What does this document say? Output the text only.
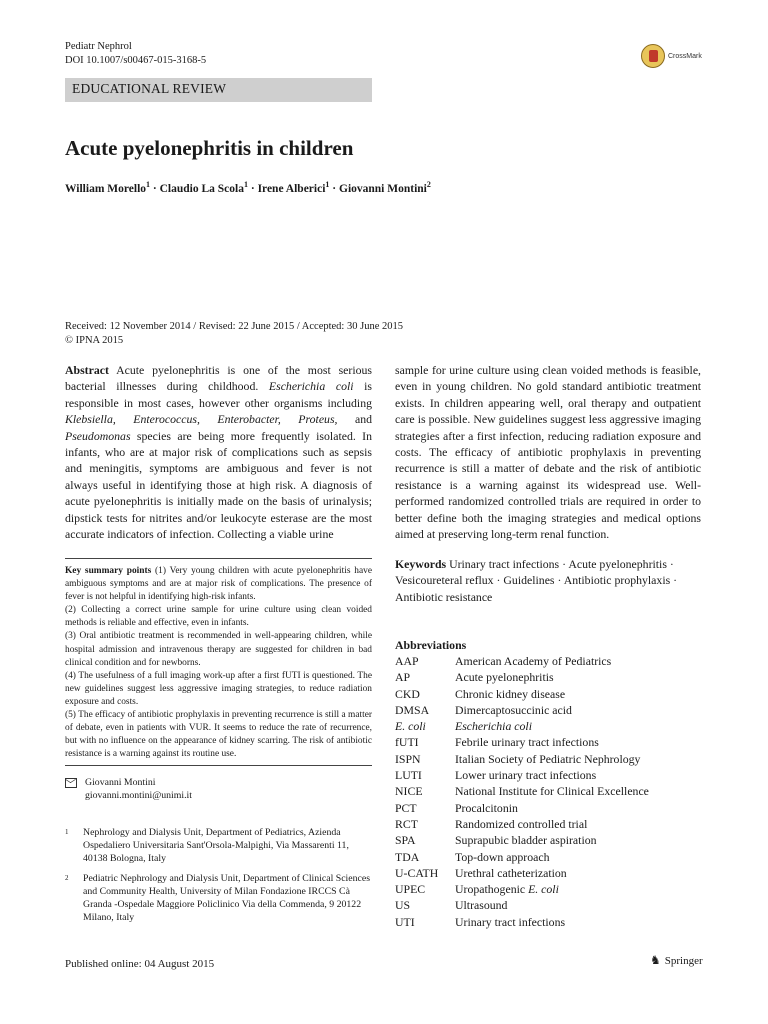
Pediatr Nephrol
DOI 10.1007/s00467-015-3168-5	CrossMark
EDUCATIONAL REVIEW
Acute pyelonephritis in children
William Morello$^1$ · Claudio La Scola$^1$ · Irene Alberici$^1$ · Giovanni Montini$^2$
Received: 12 November 2014 / Revised: 22 June 2015 / Accepted: 30 June 2015
© IPNA 2015
Abstract Acute pyelonephritis is one of the most serious bacterial illnesses during childhood. Escherichia coli is responsible in most cases, however other organisms including Klebsiella, Enterococcus, Enterobacter, Proteus, and Pseudomonas species are being more frequently isolated. In infants, who are at major risk of complications such as sepsis and meningitis, symptoms are ambiguous and fever is not always useful in identifying those at high risk. A diagnosis of acute pyelonephritis is initially made on the basis of urinalysis; dipstick tests for nitrites and/or leukocyte esterase are the most accurate indicators of infection. Collecting a viable urine
sample for urine culture using clean voided methods is feasible, even in young children. No gold standard antibiotic treatment exists. In children appearing well, oral therapy and outpatient care is possible. New guidelines suggest less aggressive imaging strategies after a first infection, reducing radiation exposure and costs. The efficacy of antibiotic prophylaxis in preventing recurrence is still a matter of debate and the risk of antibiotic resistance is a warning against its widespread use. Well-performed randomized controlled trials are required in order to better define both the imaging strategies and medical options aimed at preserving long-term renal function.

Key summary points (1) Very young children with acute pyelonephritis have ambiguous symptoms and are at major risk of complications. The presence of fever is not helpful in identifying high-risk infants.

(2) Collecting a correct urine sample for urine culture using clean voided methods is reliable and effective, even in infants.

(3) Oral antibiotic treatment is recommended in well-appearing children, while hospital admission and intravenous therapy are suggested for children in bad clinical condition and for newborns.

(4) The usefulness of a full imaging work-up after a first fUTI is questioned. The new guidelines suggest less aggressive imaging strategies, to reduce radiation exposure and costs.

(5) The efficacy of antibiotic prophylaxis in preventing recurrence is still a matter of debate, even in patients with VUR. It seems to reduce the rate of recurrence, but with no influence on the appearance of kidney scarring. The risk of antibiotic resistance is a warning against its routine use.

Giovanni Montini
giovanni.montini@unimi.it
1	Nephrology and Dialysis Unit, Department of Pediatrics, Azienda Ospedaliero Universitaria Sant'Orsola-Malpighi, Via Massarenti 11, 40138 Bologna, Italy
2	Pediatric Nephrology and Dialysis Unit, Department of Clinical Sciences and Community Health, University of Milan Fondazione IRCCS Cà Granda -Ospedale Maggiore Policlinico Via della Commenda, 9 20122 Milano, Italy
Keywords Urinary tract infections · Acute pyelonephritis · Vesicoureteral reflux · Guidelines · Antibiotic prophylaxis · Antibiotic resistance
Abbreviations
AAP	American Academy of Pediatrics
AP	Acute pyelonephritis
CKD	Chronic kidney disease
DMSA	Dimercaptosuccinic acid
E. coli	Escherichia coli
fUTI	Febrile urinary tract infections
ISPN	Italian Society of Pediatric Nephrology
LUTI	Lower urinary tract infections
NICE	National Institute for Clinical Excellence
PCT	Procalcitonin
RCT	Randomized controlled trial
SPA	Suprapubic bladder aspiration
TDA	Top-down approach
U-CATH	Urethral catheterization
UPEC	Uropathogenic E. coli
US	Ultrasound
UTI	Urinary tract infections
Published online: 04 August 2015	♞ Springer
